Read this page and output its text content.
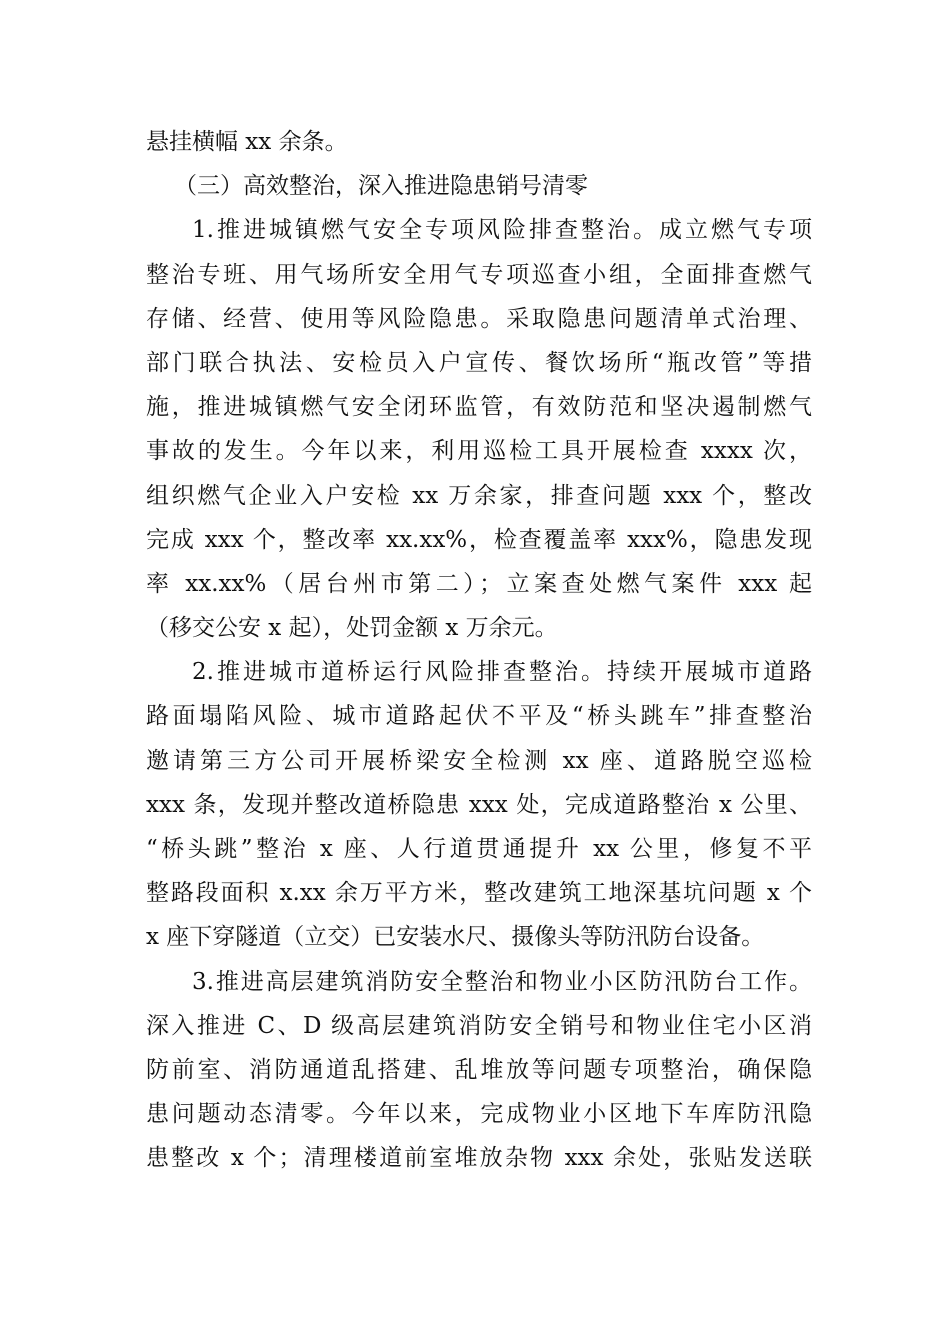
悬挂横幅 xx 余条。
（三）高效整治，深入推进隐患销号清零
1.推进城镇燃气安全专项风险排查整治。成立燃气专项
整治专班、用气场所安全用气专项巡查小组，全面排查燃气
存储、经营、使用等风险隐患。采取隐患问题清单式治理、
部门联合执法、安检员入户宣传、餐饮场所“瓶改管”等措
施，推进城镇燃气安全闭环监管，有效防范和坚决遏制燃气
事故的发生。今年以来，利用巡检工具开展检查 xxxx 次，
组织燃气企业入户安检 xx 万余家，排查问题 xxx 个，整改
完成 xxx 个，整改率 xx.xx%，检查覆盖率 xxx%，隐患发现
率 xx.xx%（居台州市第二）；立案查处燃气案件 xxx 起
（移交公安 x 起），处罚金额 x 万余元。
2.推进城市道桥运行风险排查整治。持续开展城市道路
路面塌陷风险、城市道路起伏不平及“桥头跳车”排查整治
邀请第三方公司开展桥梁安全检测 xx 座、道路脱空巡检
xxx 条，发现并整改道桥隐患 xxx 处，完成道路整治 x 公里、
“桥头跳”整治 x 座、人行道贯通提升 xx 公里，修复不平
整路段面积 x.xx 余万平方米，整改建筑工地深基坑问题 x 个
x 座下穿隧道（立交）已安装水尺、摄像头等防汛防台设备。
3.推进高层建筑消防安全整治和物业小区防汛防台工作。
深入推进 C、D 级高层建筑消防安全销号和物业住宅小区消
防前室、消防通道乱搭建、乱堆放等问题专项整治，确保隐
患问题动态清零。今年以来，完成物业小区地下车库防汛隐
患整改 x 个；清理楼道前室堆放杂物 xxx 余处，张贴发送联
